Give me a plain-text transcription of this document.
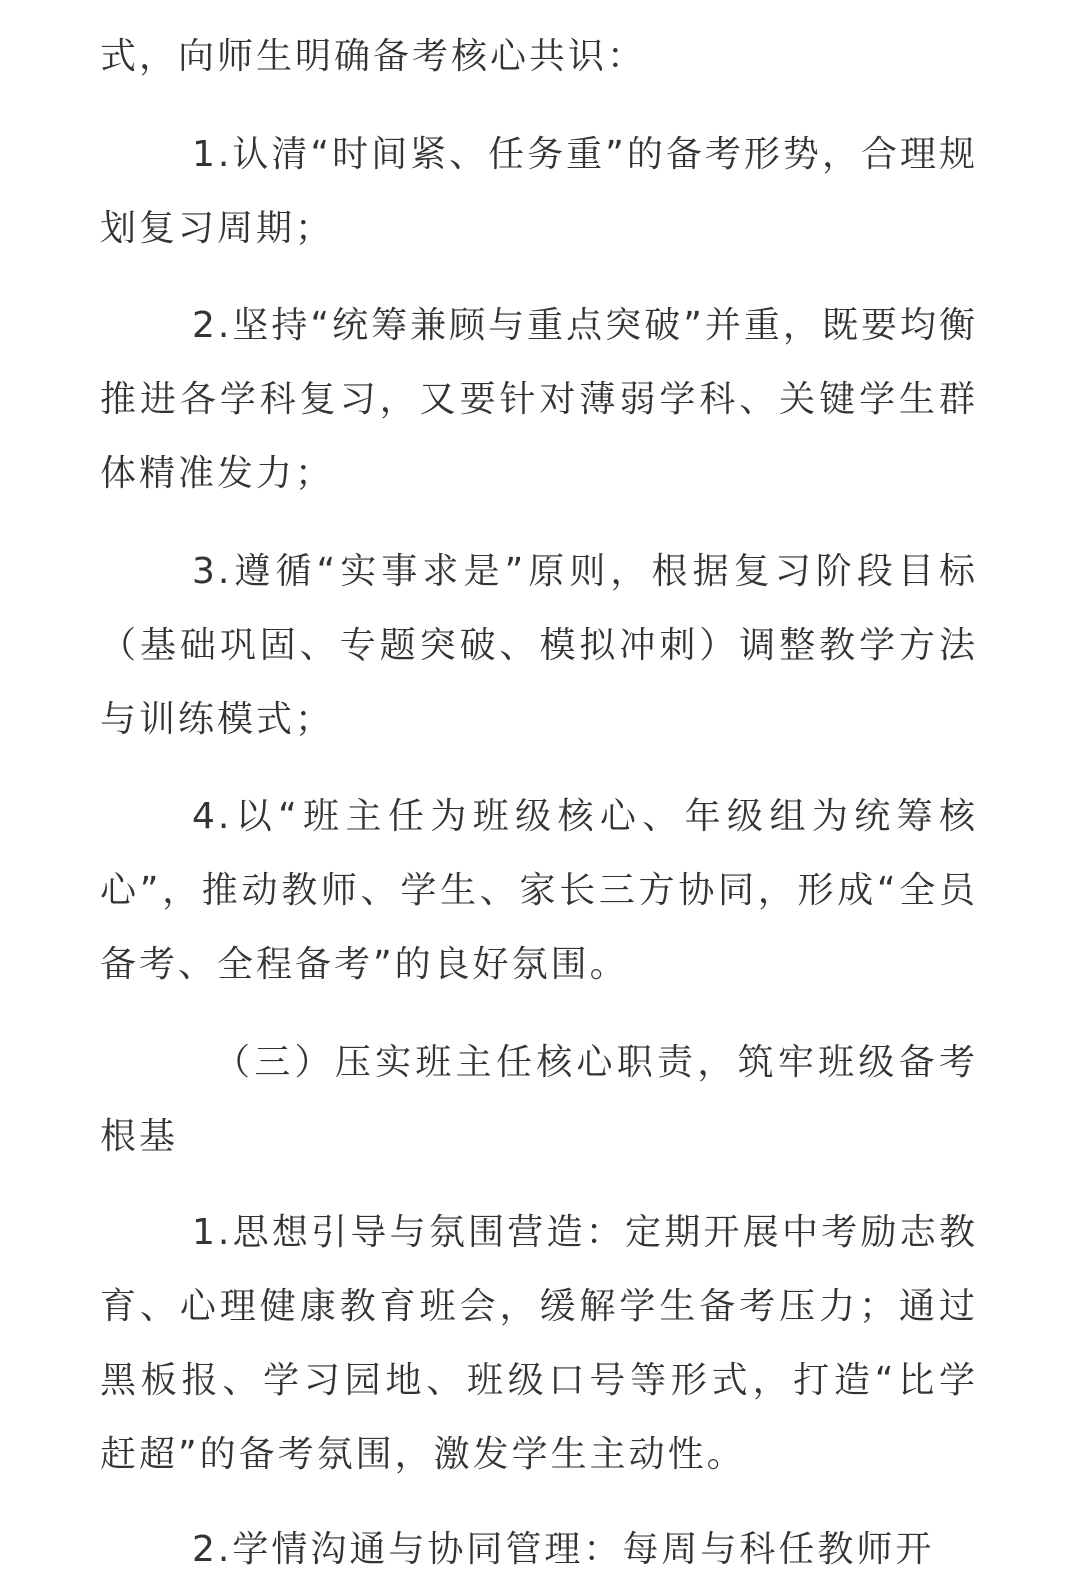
式，向师生明确备考核心共识：

1.认清“时间紧、任务重”的备考形势，合理规划复习周期；

2.坚持“统筹兼顾与重点突破”并重，既要均衡推进各学科复习，又要针对薄弱学科、关键学生群体精准发力；

3.遵循“实事求是”原则，根据复习阶段目标（基础巩固、专题突破、模拟冲刺）调整教学方法与训练模式；

4.以“班主任为班级核心、年级组为统筹核心”，推动教师、学生、家长三方协同，形成“全员备考、全程备考”的良好氛围。

（三）压实班主任核心职责，筑牢班级备考根基

1.思想引导与氛围营造：定期开展中考励志教育、心理健康教育班会，缓解学生备考压力；通过黑板报、学习园地、班级口号等形式，打造“比学赶超”的备考氛围，激发学生主动性。

2.学情沟通与协同管理：每周与科任教师开
